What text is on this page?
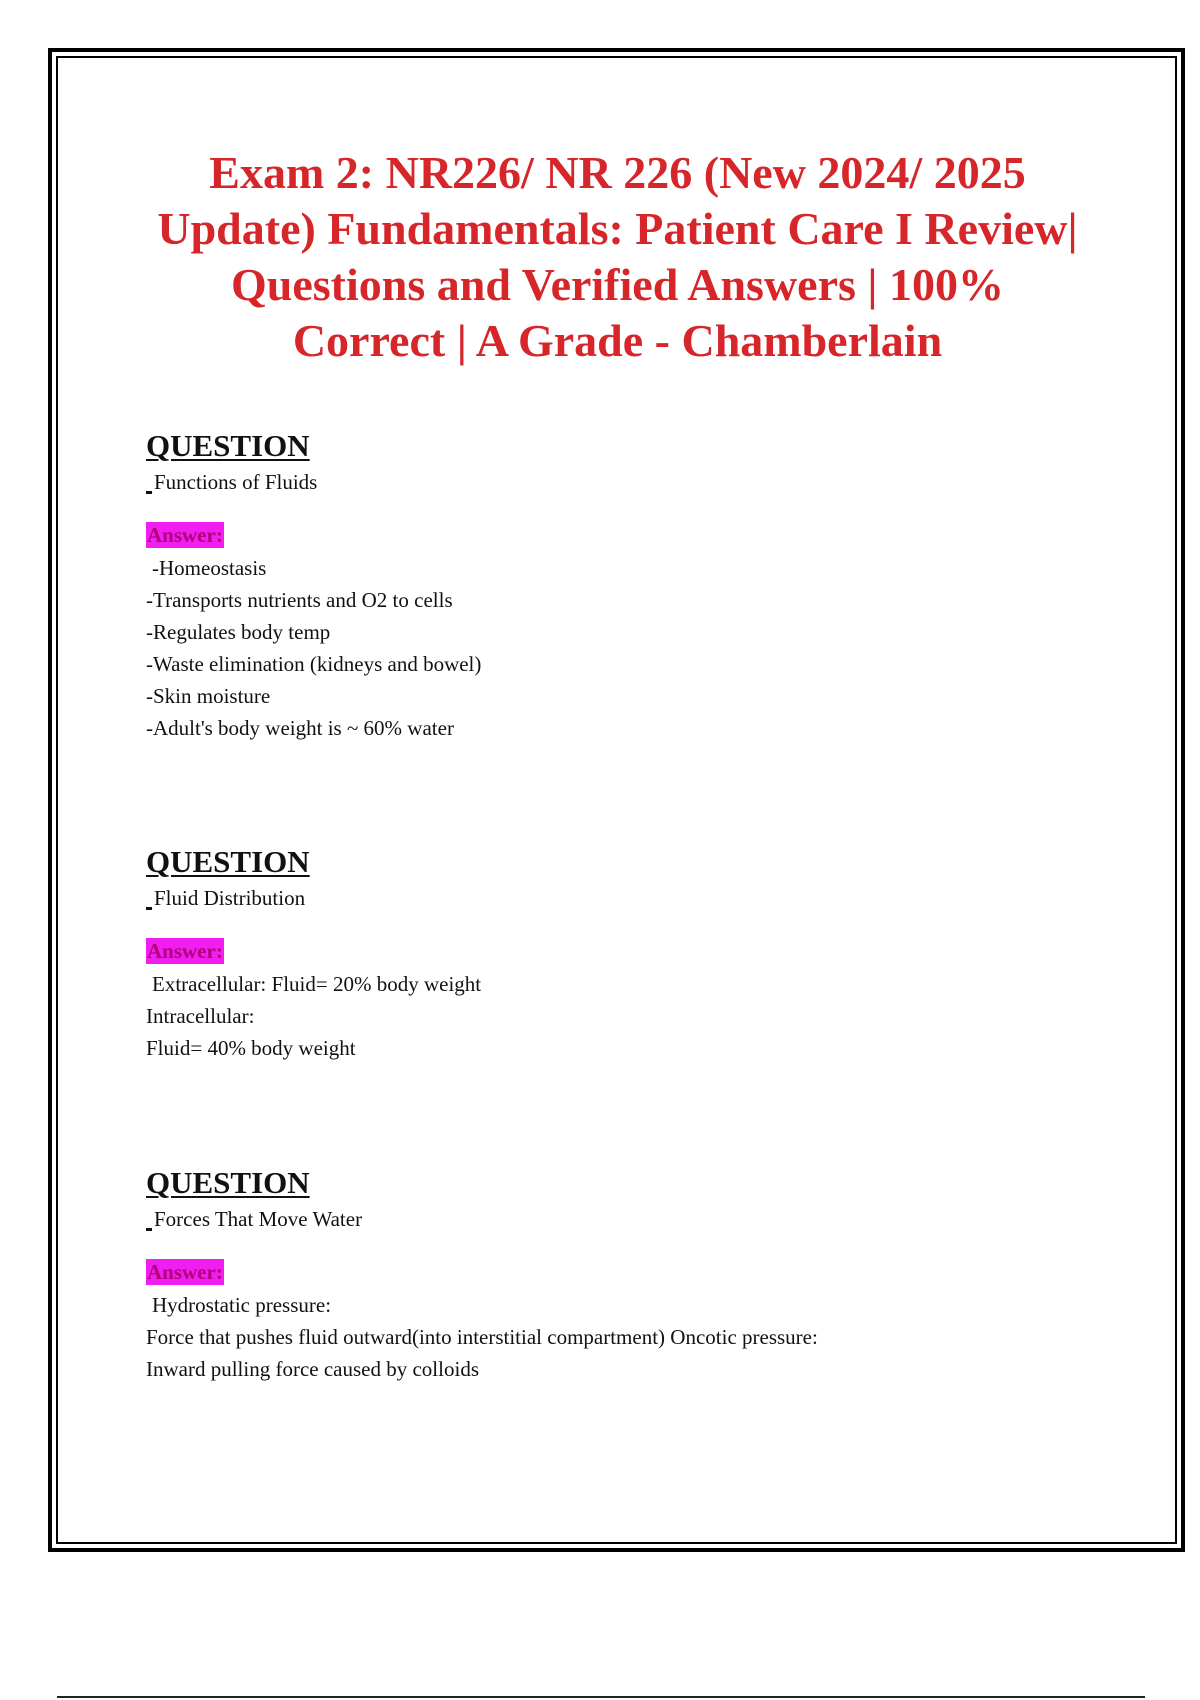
Exam 2: NR226/ NR 226 (New 2024/ 2025 Update) Fundamentals: Patient Care I Review| Questions and Verified Answers | 100% Correct | A Grade - Chamberlain
QUESTION

Functions of Fluids

Answer:
-Homeostasis
-Transports nutrients and O2 to cells
-Regulates body temp
-Waste elimination (kidneys and bowel)
-Skin moisture
-Adult's body weight is ~ 60% water
QUESTION

Fluid Distribution

Answer:
Extracellular: Fluid= 20% body weight
Intracellular:
Fluid= 40% body weight
QUESTION

Forces That Move Water

Answer:
Hydrostatic pressure:
Force that pushes fluid outward(into interstitial compartment) Oncotic pressure:
Inward pulling force caused by colloids
